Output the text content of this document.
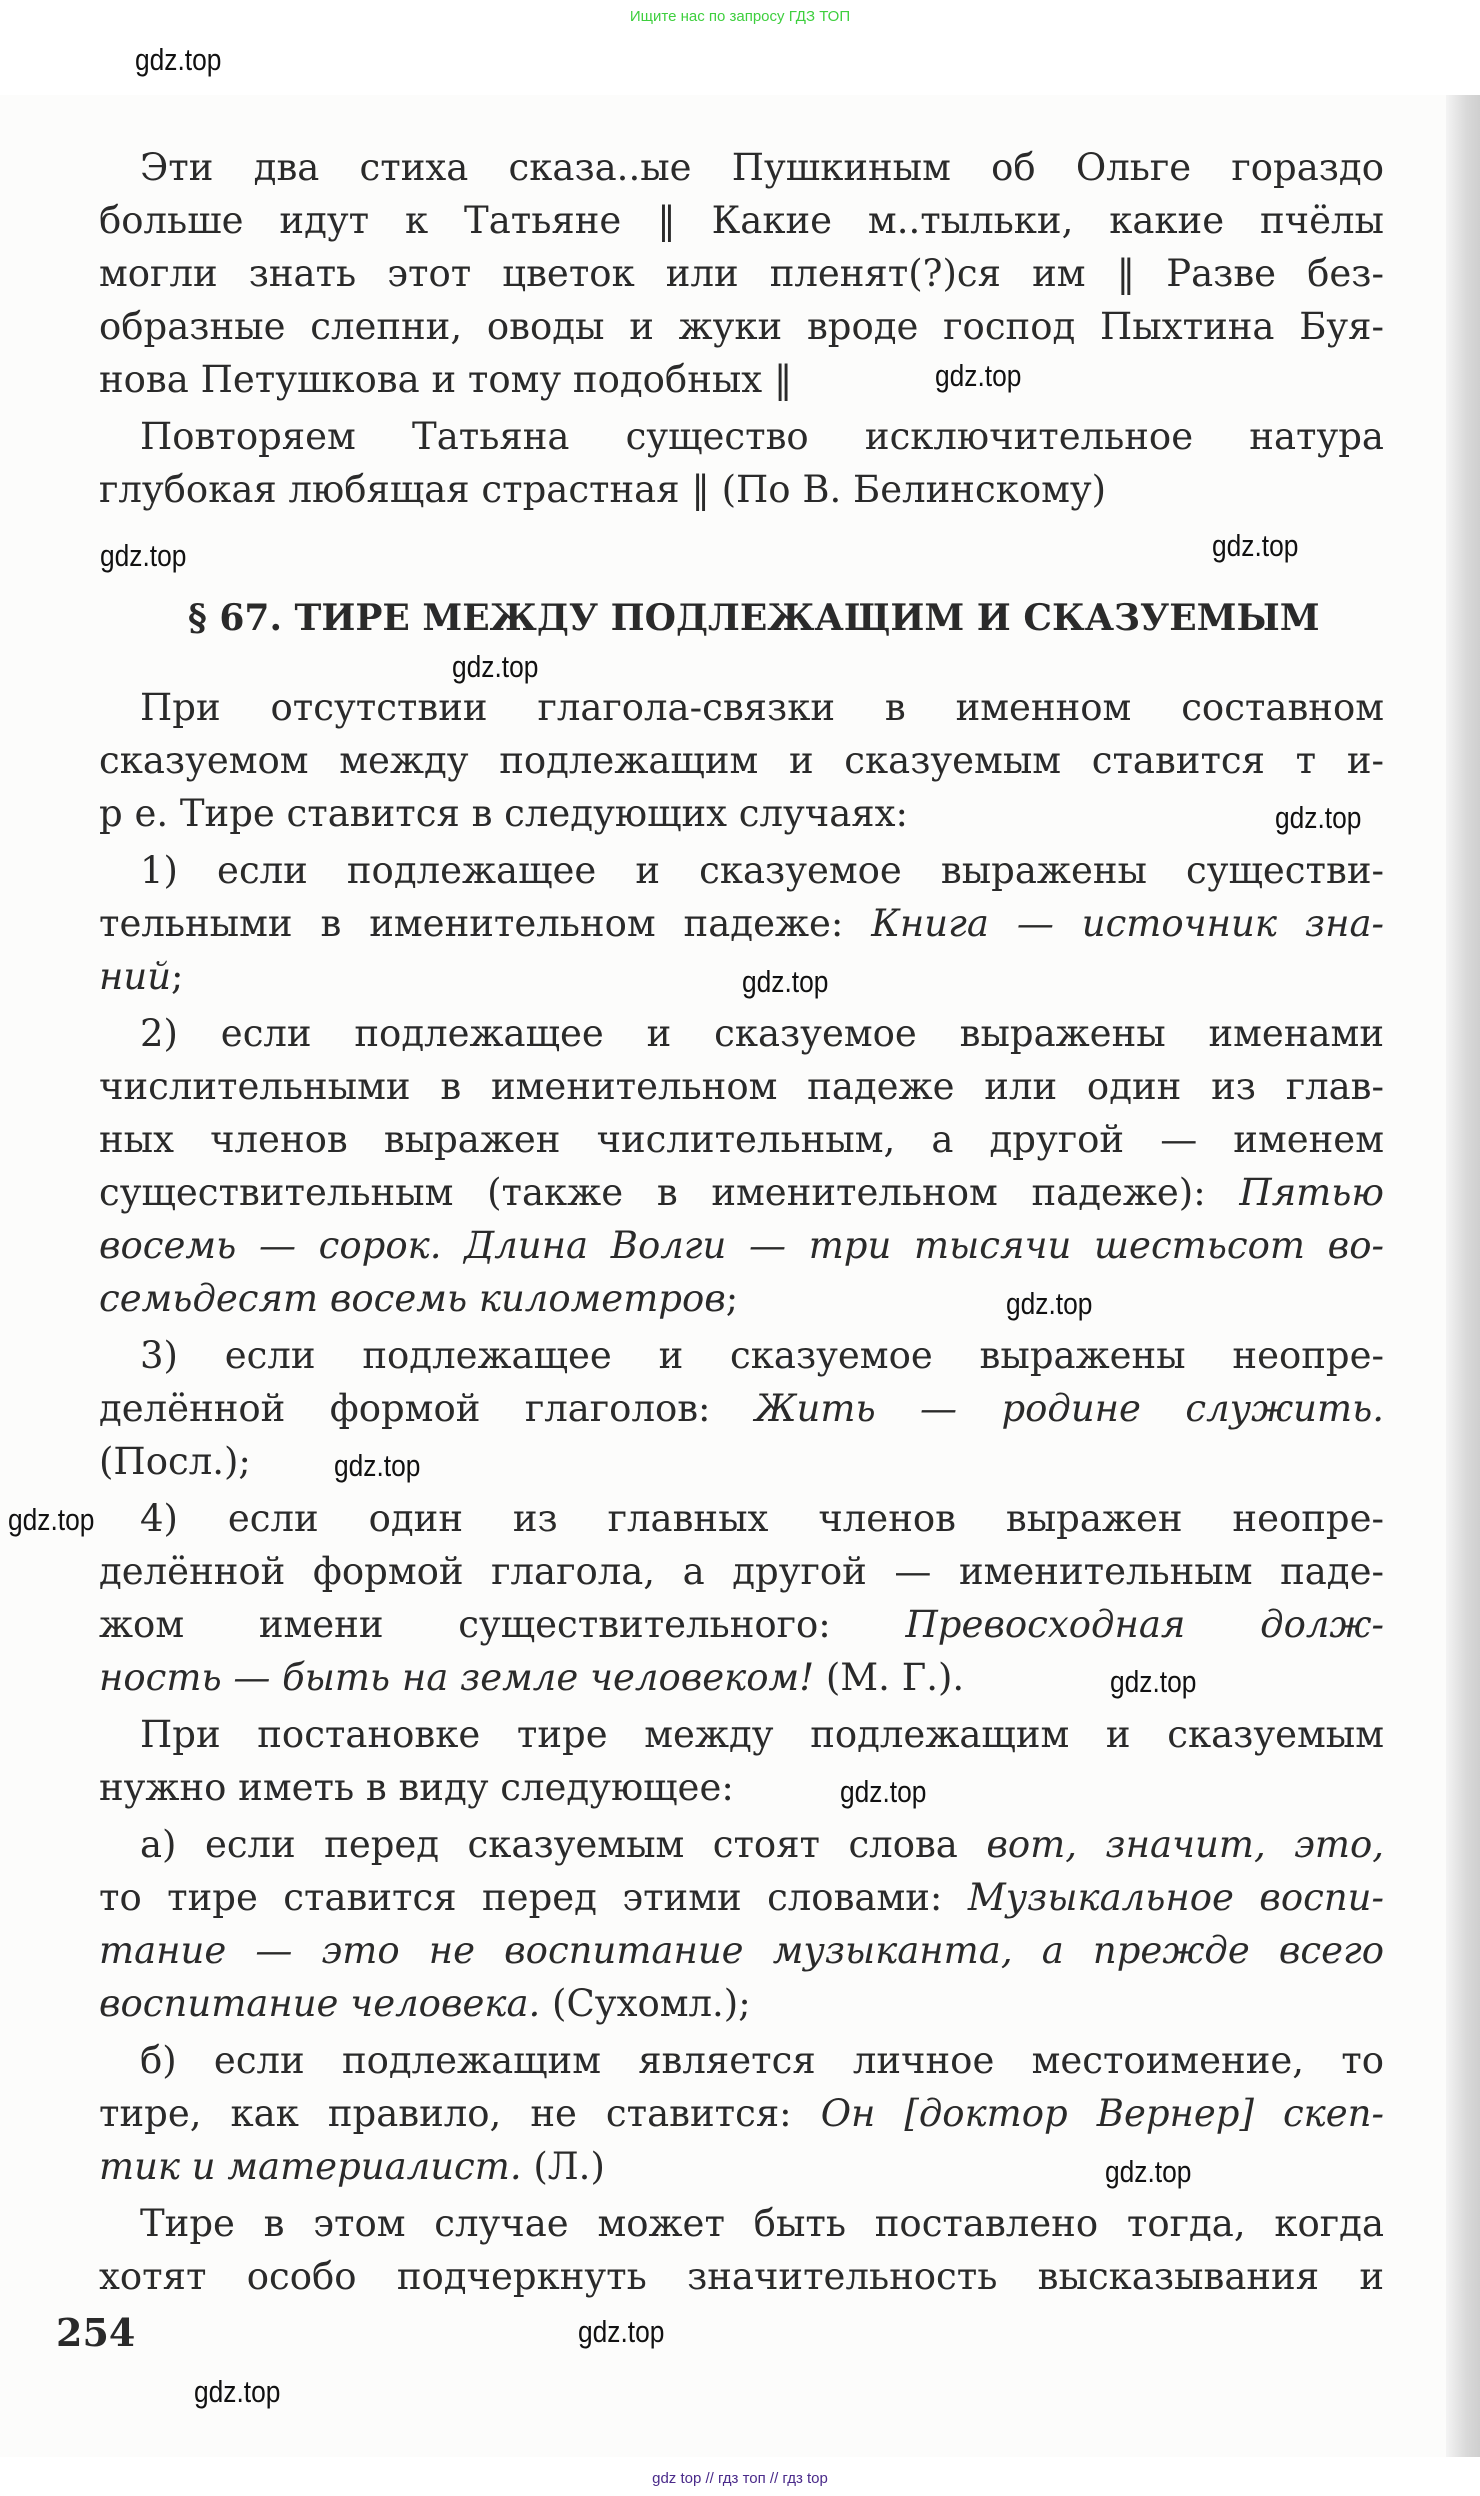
Ищите нас по запросу ГДЗ ТОП
Эти два стиха сказа..ые Пушкиным об Ольге гораздо
больше идут к Татьяне ‖ Какие м..тыльки, какие пчёлы
могли знать этот цветок или пленят(?)ся им ‖ Разве без-
образные слепни, оводы и жуки вроде господ Пыхтина Буя-
нова Петушкова и тому подобных ‖
Повторяем Татьяна существо исключительное натура
глубокая любящая страстная ‖ (По В. Белинскому)
§ 67. ТИРЕ МЕЖДУ ПОДЛЕЖАЩИМ И СКАЗУЕМЫМ
При отсутствии глагола-связки в именном составном
сказуемом между подлежащим и сказуемым ставится т и-
р е. Тире ставится в следующих случаях:
1) если подлежащее и сказуемое выражены существи-
тельными в именительном падеже: Книга — источник зна-
ний;
2) если подлежащее и сказуемое выражены именами
числительными в именительном падеже или один из глав-
ных членов выражен числительным, а другой — именем
существительным (также в именительном падеже): Пятью
восемь — сорок. Длина Волги — три тысячи шестьсот во-
семьдесят восемь километров;
3) если подлежащее и сказуемое выражены неопре-
делённой формой глаголов: Жить — родине служить.
(Посл.);
4) если один из главных членов выражен неопре-
делённой формой глагола, а другой — именительным паде-
жом имени существительного: Превосходная долж-
ность — быть на земле человеком! (М. Г.).
При постановке тире между подлежащим и сказуемым
нужно иметь в виду следующее:
а) если перед сказуемым стоят слова вот, значит, это,
то тире ставится перед этими словами: Музыкальное воспи-
тание — это не воспитание музыканта, а прежде всего
воспитание человека. (Сухомл.);
б) если подлежащим является личное местоимение, то
тире, как правило, не ставится: Он [доктор Вернер] скеп-
тик и материалист. (Л.)
Тире в этом случае может быть поставлено тогда, когда
хотят особо подчеркнуть значительность высказывания и
254
gdz.top
gdz.top
gdz.top
gdz.top
gdz.top
gdz.top
gdz.top
gdz.top
gdz.top
gdz.top
gdz.top
gdz.top
gdz.top
gdz.top
gdz.top
gdz top // гдз топ // гдз top
